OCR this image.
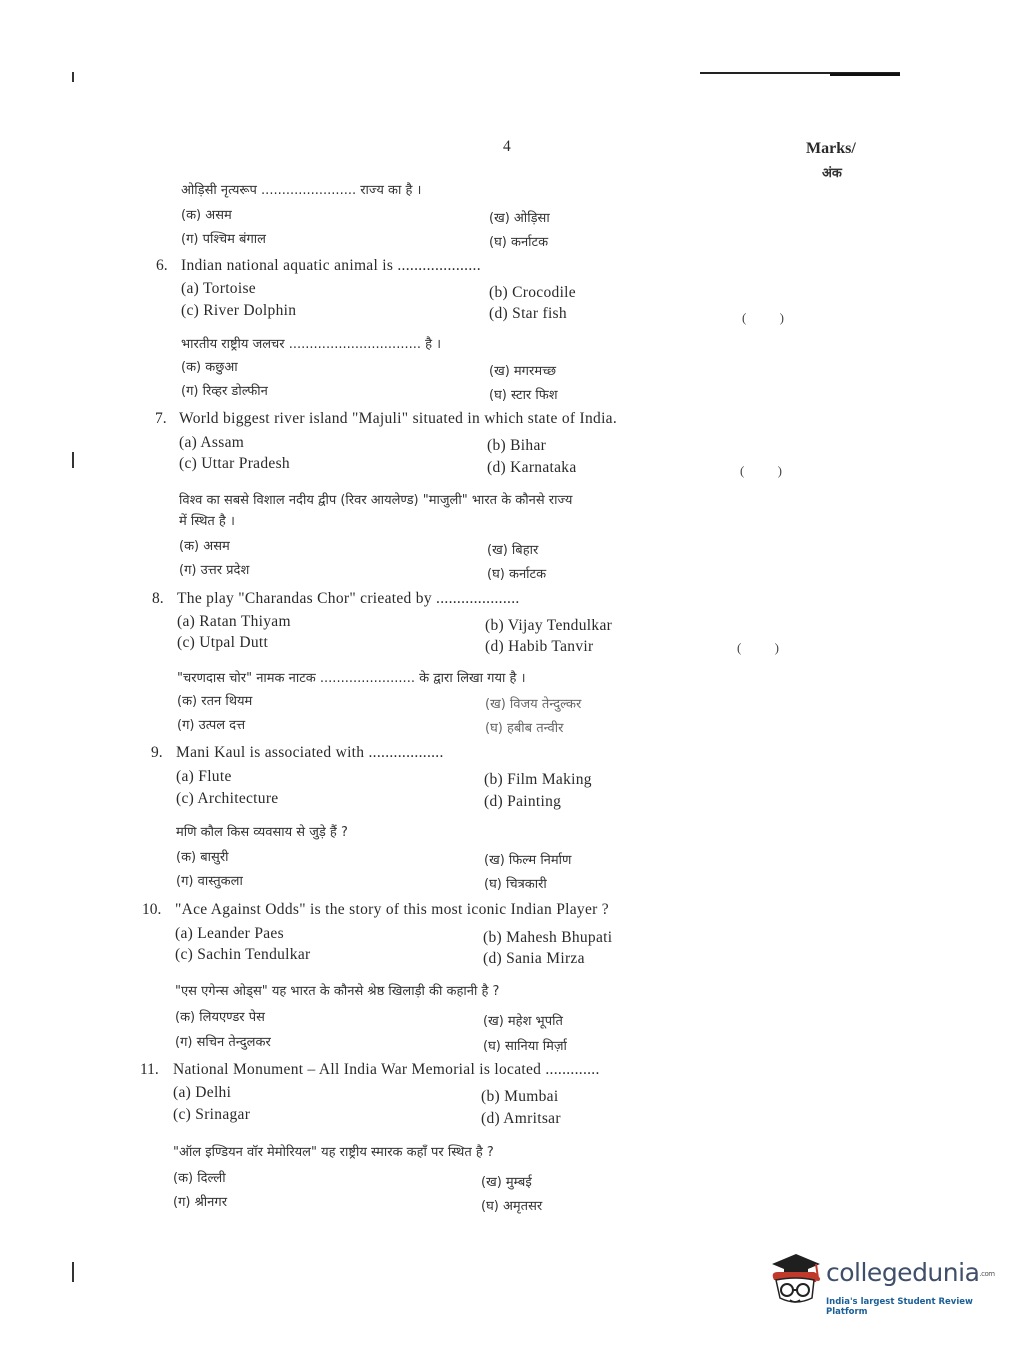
4	Marks/
अंक
ओड़िसी नृत्यरूप ....................... राज्य का है ।
(क) असम	(ख) ओड़िसा
(ग) पश्चिम बंगाल	(घ) कर्नाटक
6. Indian national aquatic animal is ....................
(a) Tortoise	(b) Crocodile
(c) River Dolphin	(d) Star fish	( )
भारतीय राष्ट्रीय जलचर ................................ है ।
(क) कछुआ	(ख) मगरमच्छ
(ग) रिव्हर डोल्फीन	(घ) स्टार फिश
7. World biggest river island "Majuli" situated in which state of India.
(a) Assam	(b) Bihar
(c) Uttar Pradesh	(d) Karnataka	( )
विश्व का सबसे विशाल नदीय द्वीप (रिवर आयलेण्ड) "माजुली" भारत के कौनसे राज्य
में स्थित है ।
(क) असम	(ख) बिहार
(ग) उत्तर प्रदेश	(घ) कर्नाटक
8. The play "Charandas Chor" crieated by ....................
(a) Ratan Thiyam	(b) Vijay Tendulkar
(c) Utpal Dutt	(d) Habib Tanvir	( )
"चरणदास चोर" नामक नाटक ....................... के द्वारा लिखा गया है ।
(क) रतन थियम	(ख) विजय तेन्दुल्कर
(ग) उत्पल दत्त	(घ) हबीब तन्वीर
9. Mani Kaul is associated with ..................
(a) Flute	(b) Film Making
(c) Architecture	(d) Painting
मणि कौल किस व्यवसाय से जुड़े हैं ?
(क) बासुरी	(ख) फिल्म निर्माण
(ग) वास्तुकला	(घ) चित्रकारी
10. "Ace Against Odds" is the story of this most iconic Indian Player ?
(a) Leander Paes	(b) Mahesh Bhupati
(c) Sachin Tendulkar	(d) Sania Mirza
"एस एगेन्स ओड्स" यह भारत के कौनसे श्रेष्ठ खिलाड़ी की कहानी है ?
(क) लियएण्डर पेस	(ख) महेश भूपति
(ग) सचिन तेन्दुलकर	(घ) सानिया मिर्ज़ा
11. National Monument – All India War Memorial is located .............
(a) Delhi	(b) Mumbai
(c) Srinagar	(d) Amritsar
"ऑल इण्डियन वॉर मेमोरियल" यह राष्ट्रीय स्मारक कहाँ पर स्थित है ?
(क) दिल्ली	(ख) मुम्बई
(ग) श्रीनगर	(घ) अमृतसर
collegedunia.com
India's largest Student Review Platform
